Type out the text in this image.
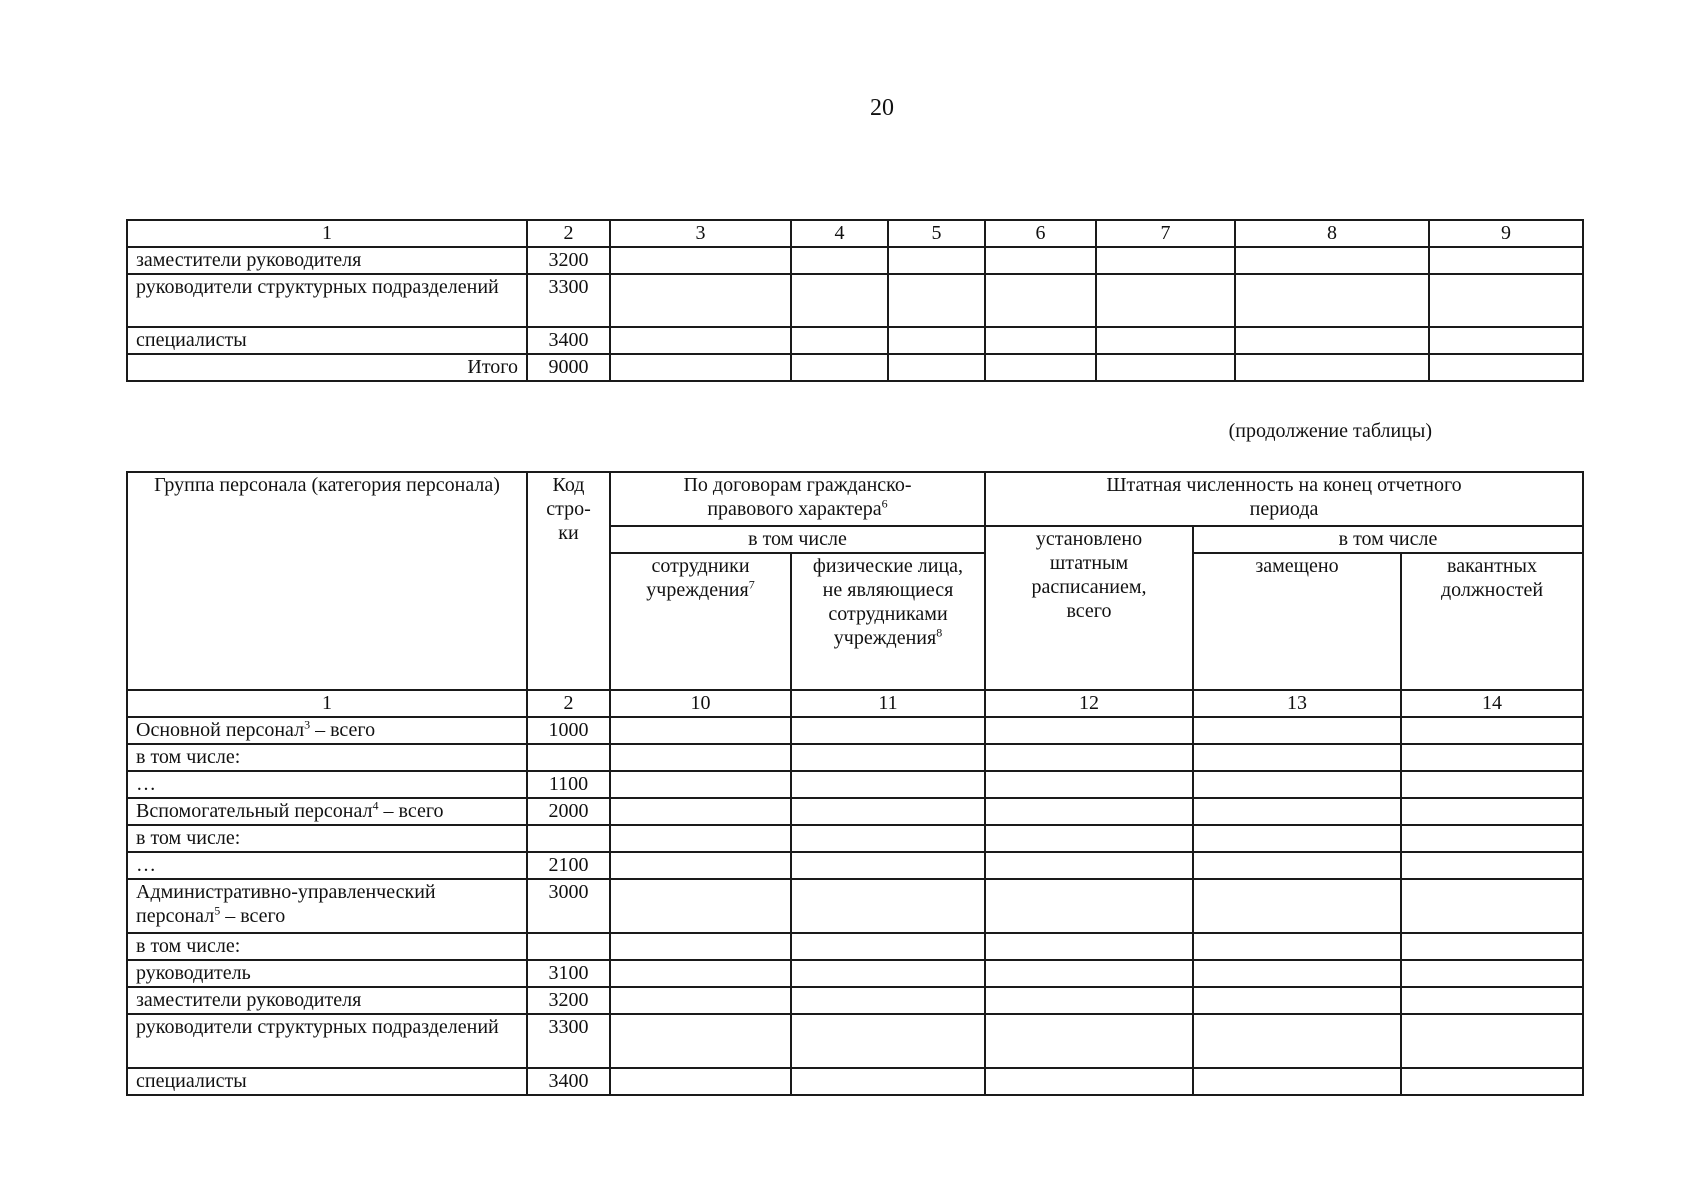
20
1	2	3	4	5	6	7	8	9
заместители руководителя	3200							
руководители структурных подразделений	3300							
специалисты	3400							
Итого	9000							
(продолжение таблицы)
Группа персонала (категория персонала)	Код стро-ки	По договорам гражданско-правового характера$^6$		Штатная численность на конец отчетного периода		
		в том числе		установлено штатным расписанием, всего	в том числе	
		сотрудники учреждения$^7$	физические лица, не являющиеся сотрудниками учреждения$^8$		замещено	вакантных должностей
1	2	10	11	12	13	14
Основной персонал$^3$ – всего	1000					
в том числе:						
…	1100					
Вспомогательный персонал$^4$ – всего	2000					
в том числе:						
…	2100					
Административно-управленческий персонал$^5$ – всего	3000					
в том числе:						
руководитель	3100					
заместители руководителя	3200					
руководители структурных подразделений	3300					
специалисты	3400					
